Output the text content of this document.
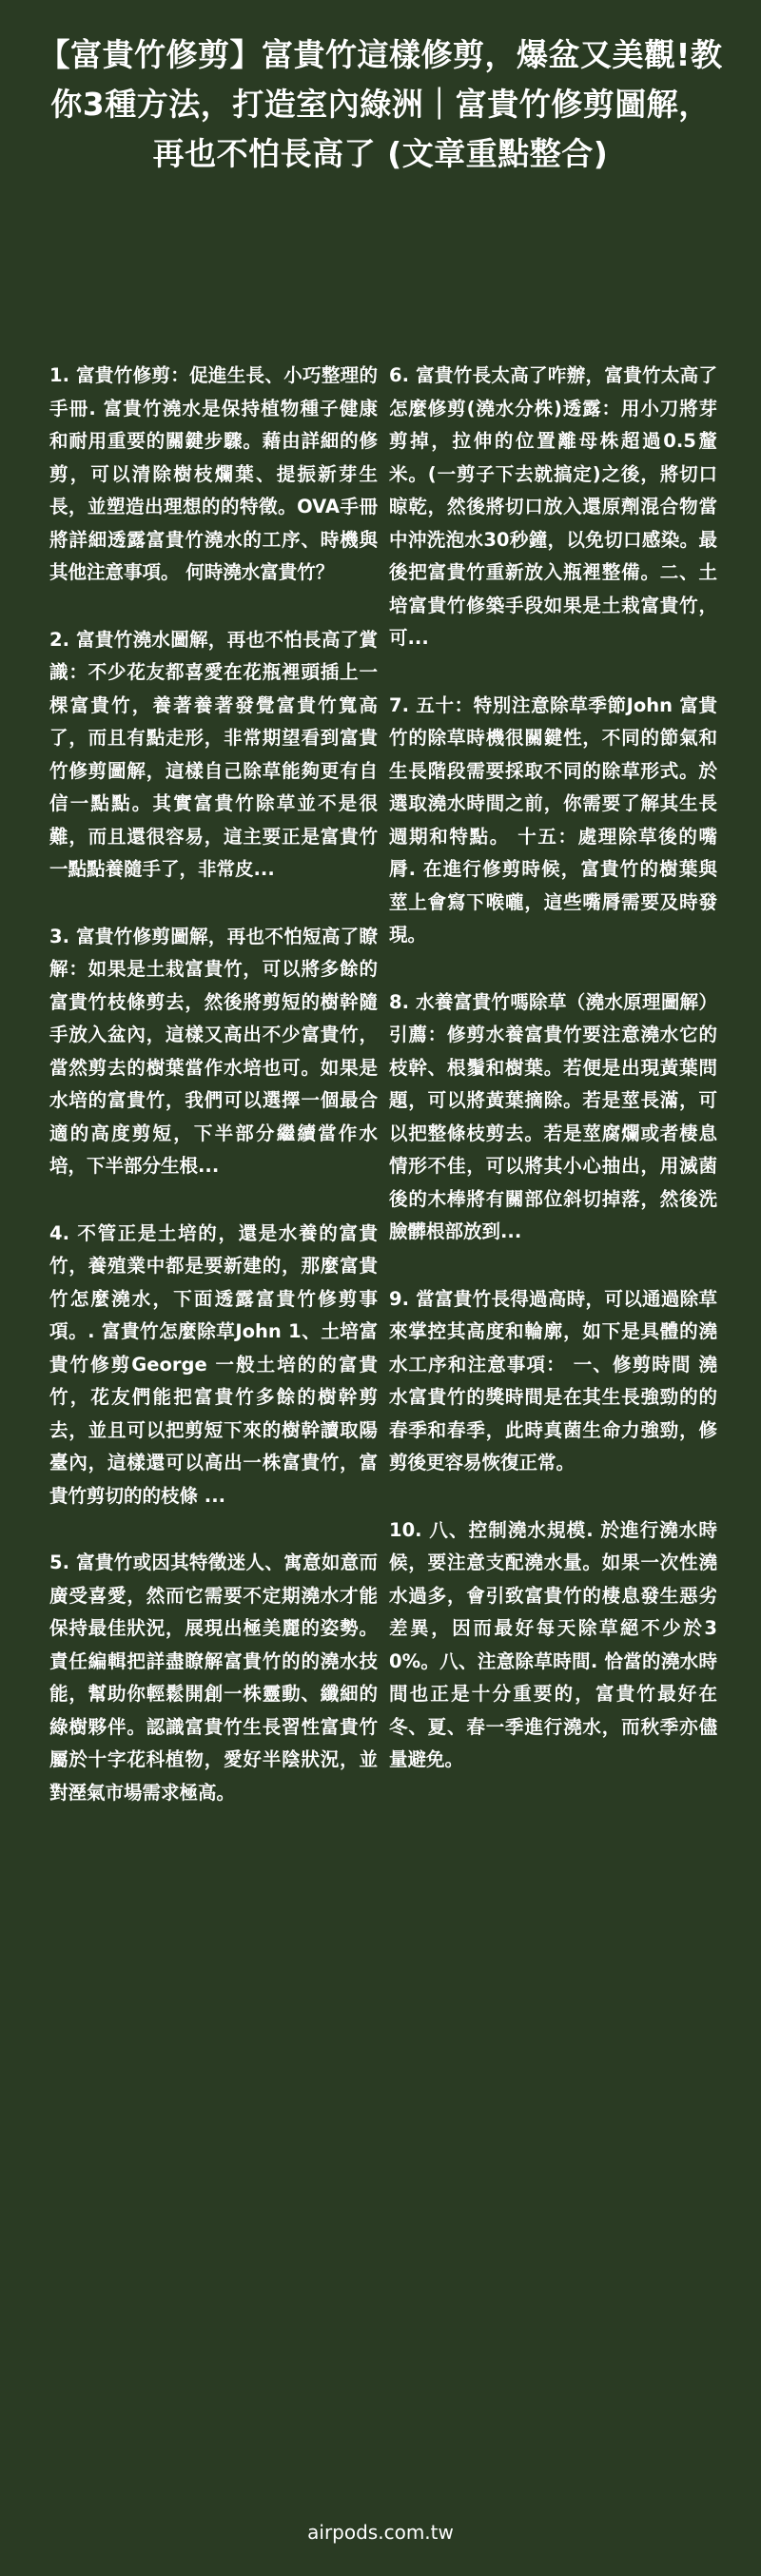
【富貴竹修剪】富貴竹這樣修剪，爆盆又美觀!教你3種方法，打造室內綠洲｜富貴竹修剪圖解，再也不怕長高了 (文章重點整合)

1. 富貴竹修剪：促進生長、小巧整理的手冊. 富貴竹澆水是保持植物種子健康和耐用重要的關鍵步驟。藉由詳細的修剪，可以清除樹枝爛葉、提振新芽生長，並塑造出理想的的特徵。OVA手冊將詳細透露富貴竹澆水的工序、時機與其他注意事項。 何時澆水富貴竹？

2. 富貴竹澆水圖解，再也不怕長高了賞識：不少花友都喜愛在花瓶裡頭插上一棵富貴竹，養著養著發覺富貴竹寬高了，而且有點走形，非常期望看到富貴竹修剪圖解，這樣自己除草能夠更有自信一點點。其實富貴竹除草並不是很難，而且還很容易，這主要正是富貴竹一點點養隨手了，非常皮...

3. 富貴竹修剪圖解，再也不怕短高了瞭解：如果是土栽富貴竹，可以將多餘的富貴竹枝條剪去，然後將剪短的樹幹隨手放入盆內，這樣又高出不少富貴竹，當然剪去的樹葉當作水培也可。如果是水培的富貴竹，我們可以選擇一個最合適的高度剪短，下半部分繼續當作水培，下半部分生根...

4. 不管正是土培的，還是水養的富貴竹，養殖業中都是要新建的，那麼富貴竹怎麼澆水，下面透露富貴竹修剪事項。. 富貴竹怎麼除草John 1、土培富貴竹修剪George 一般土培的的富貴竹，花友們能把富貴竹多餘的樹幹剪去，並且可以把剪短下來的樹幹讀取陽臺內，這樣還可以高出一株富貴竹，富貴竹剪切的的枝條 ...

5. 富貴竹或因其特徵迷人、寓意如意而廣受喜愛，然而它需要不定期澆水才能保持最佳狀況，展現出極美麗的姿勢。責任編輯把詳盡瞭解富貴竹的的澆水技能，幫助你輕鬆開創一株靈動、纖細的綠樹夥伴。認識富貴竹生長習性富貴竹屬於十字花科植物，愛好半陰狀況，並對溼氣市場需求極高。

6. 富貴竹長太高了咋辦，富貴竹太高了怎麼修剪(澆水分株)透露：用小刀將芽剪掉，拉伸的位置離母株超過0.5釐米。(一剪子下去就搞定)之後，將切口晾乾，然後將切口放入還原劑混合物當中沖洗泡水30秒鐘，以免切口感染。最後把富貴竹重新放入瓶裡整備。二、土培富貴竹修築手段如果是土栽富貴竹，可...

7. 五十：特別注意除草季節John 富貴竹的除草時機很關鍵性，不同的節氣和生長階段需要採取不同的除草形式。於選取澆水時間之前，你需要了解其生長週期和特點。 十五：處理除草後的嘴脣. 在進行修剪時候，富貴竹的樹葉與莖上會寫下喉嚨，這些嘴脣需要及時發現。

8. 水養富貴竹嗎除草（澆水原理圖解）引薦：修剪水養富貴竹要注意澆水它的枝幹、根鬚和樹葉。若便是出現黃葉問題，可以將黃葉摘除。若是莖長滿，可以把整條枝剪去。若是莖腐爛或者棲息情形不佳，可以將其小心抽出，用滅菌後的木棒將有關部位斜切掉落，然後洗臉髒根部放到...

9. 當富貴竹長得過高時，可以通過除草來掌控其高度和輪廓，如下是具體的澆水工序和注意事項： 一、修剪時間 澆水富貴竹的獎時間是在其生長強勁的的春季和春季，此時真菌生命力強勁，修剪後更容易恢復正常。

10. 八、控制澆水規模. 於進行澆水時候，要注意支配澆水量。如果一次性澆水過多，會引致富貴竹的棲息發生惡劣差異，因而最好每天除草絕不少於30%。八、注意除草時間. 恰當的澆水時間也正是十分重要的，富貴竹最好在冬、夏、春一季進行澆水，而秋季亦儘量避免。

airpods.com.tw
